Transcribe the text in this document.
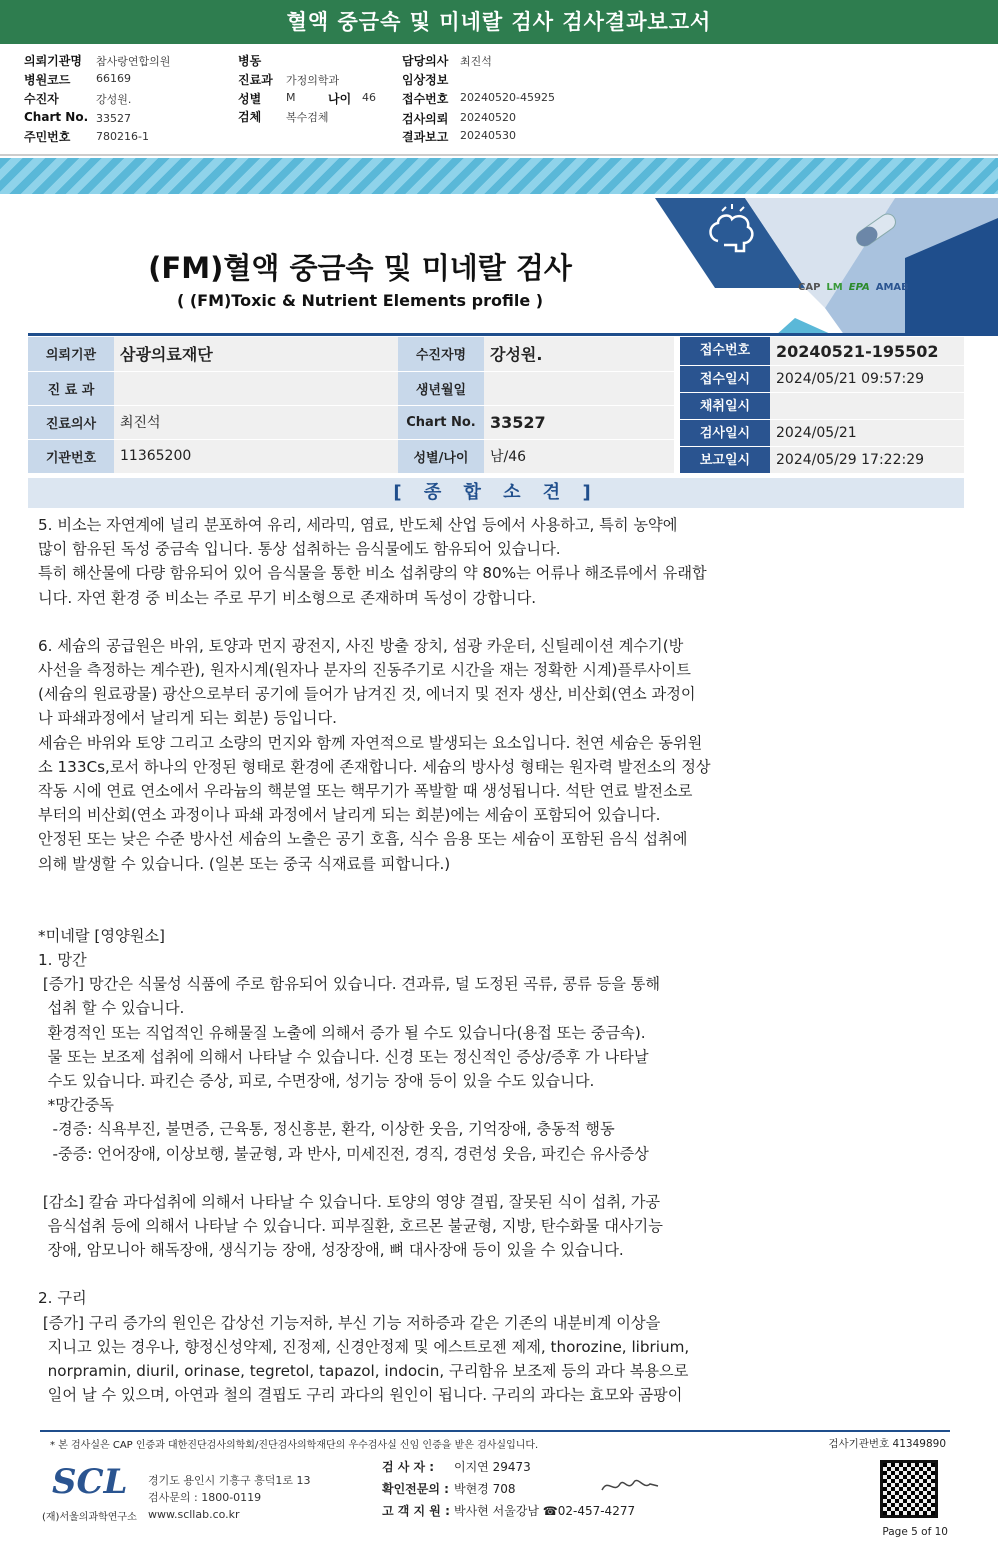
혈액 중금속 및 미네랄 검사 검사결과보고서
의뢰기관명 참사랑연합의원
병원코드 66169
수진자	강성원.
Chart No. 33527
주민번호 780216-1
병동
진료과 가정의학과
성별 M	나이 46
검체 복수검체
담당의사 최진석
임상정보
접수번호 20240520-45925
검사의뢰 20240520
결과보고 20240530
(FM)혈액 중금속 및 미네랄 검사
( (FM)Toxic & Nutrient Elements profile )
CAP LM EPA AMAB
의뢰기관	삼광의료재단	수진자명	강성원.	
진 료 과		생년월일		
진료의사	최진석	Chart No.	33527	
기관번호	11365200	성별/나이	남/46	
접수번호	20240521-195502
접수일시	2024/05/21 09:57:29
채취일시
검사일시	2024/05/21
보고일시	2024/05/29 17:22:29
[ 종 합 소 견 ]

5. 비소는 자연계에 널리 분포하여 유리, 세라믹, 염료, 반도체 산업 등에서 사용하고, 특히 농약에
많이 함유된 독성 중금속 입니다. 통상 섭취하는 음식물에도 함유되어 있습니다.
특히 해산물에 다량 함유되어 있어 음식물을 통한 비소 섭취량의 약 80%는 어류나 해조류에서 유래합
니다. 자연 환경 중 비소는 주로 무기 비소형으로 존재하며 독성이 강합니다.

6. 세슘의 공급원은 바위, 토양과 먼지 광전지, 사진 방출 장치, 섬광 카운터, 신틸레이션 계수기(방
사선을 측정하는 계수관), 원자시계(원자나 분자의 진동주기로 시간을 재는 정확한 시계)플루사이트
(세슘의 원료광물) 광산으로부터 공기에 들어가 남겨진 것, 에너지 및 전자 생산, 비산회(연소 과정이
나 파쇄과정에서 날리게 되는 회분) 등입니다.
세슘은 바위와 토양 그리고 소량의 먼지와 함께 자연적으로 발생되는 요소입니다. 천연 세슘은 동위원
소 133Cs,로서 하나의 안정된 형태로 환경에 존재합니다. 세슘의 방사성 형태는 원자력 발전소의 정상
작동 시에 연료 연소에서 우라늄의 핵분열 또는 핵무기가 폭발할 때 생성됩니다. 석탄 연료 발전소로
부터의 비산회(연소 과정이나 파쇄 과정에서 날리게 되는 회분)에는 세슘이 포함되어 있습니다.
안정된 또는 낮은 수준 방사선 세슘의 노출은 공기 호흡, 식수 음용 또는 세슘이 포함된 음식 섭취에
의해 발생할 수 있습니다. (일본 또는 중국 식재료를 피합니다.)

*미네랄 [영양원소]
1. 망간
[증가] 망간은 식물성 식품에 주로 함유되어 있습니다. 견과류, 덜 도정된 곡류, 콩류 등을 통해
섭취 할 수 있습니다.
환경적인 또는 직업적인 유해물질 노출에 의해서 증가 될 수도 있습니다(용접 또는 중금속).
물 또는 보조제 섭취에 의해서 나타날 수 있습니다. 신경 또는 정신적인 증상/증후 가 나타날
수도 있습니다. 파킨슨 증상, 피로, 수면장애, 성기능 장애 등이 있을 수도 있습니다.
*망간중독
-경증: 식욕부진, 불면증, 근육통, 정신흥분, 환각, 이상한 웃음, 기억장애, 충동적 행동
-중증: 언어장애, 이상보행, 불균형, 과 반사, 미세진전, 경직, 경련성 웃음, 파킨슨 유사증상

[감소] 칼슘 과다섭취에 의해서 나타날 수 있습니다. 토양의 영양 결핍, 잘못된 식이 섭취, 가공
음식섭취 등에 의해서 나타날 수 있습니다. 피부질환, 호르몬 불균형, 지방, 탄수화물 대사기능
장애, 암모니아 해독장애, 생식기능 장애, 성장장애, 뼈 대사장애 등이 있을 수 있습니다.

2. 구리
[증가] 구리 증가의 원인은 갑상선 기능저하, 부신 기능 저하증과 같은 기존의 내분비계 이상을
지니고 있는 경우나, 향정신성약제, 진정제, 신경안정제 및 에스트로젠 제제, thorozine, librium,
norpramin, diuril, orinase, tegretol, tapazol, indocin, 구리함유 보조제 등의 과다 복용으로
일어 날 수 있으며, 아연과 철의 결핍도 구리 과다의 원인이 됩니다. 구리의 과다는 효모와 곰팡이

* 본 검사실은 CAP 인증과 대한진단검사의학회/진단검사의학재단의 우수검사실 신임 인증을 받은 검사실입니다.	검사기관번호 41349890
SCL
(재)서울의과학연구소
경기도 용인시 기흥구 흥덕1로 13
검사문의 : 1800-0119
www.scllab.co.kr
검 사 자 : 이지연 29473
확인전문의 : 박현경 708
고 객 지 원 : 박사현 서울강남 ☎02-457-4277
Page 5 of 10
